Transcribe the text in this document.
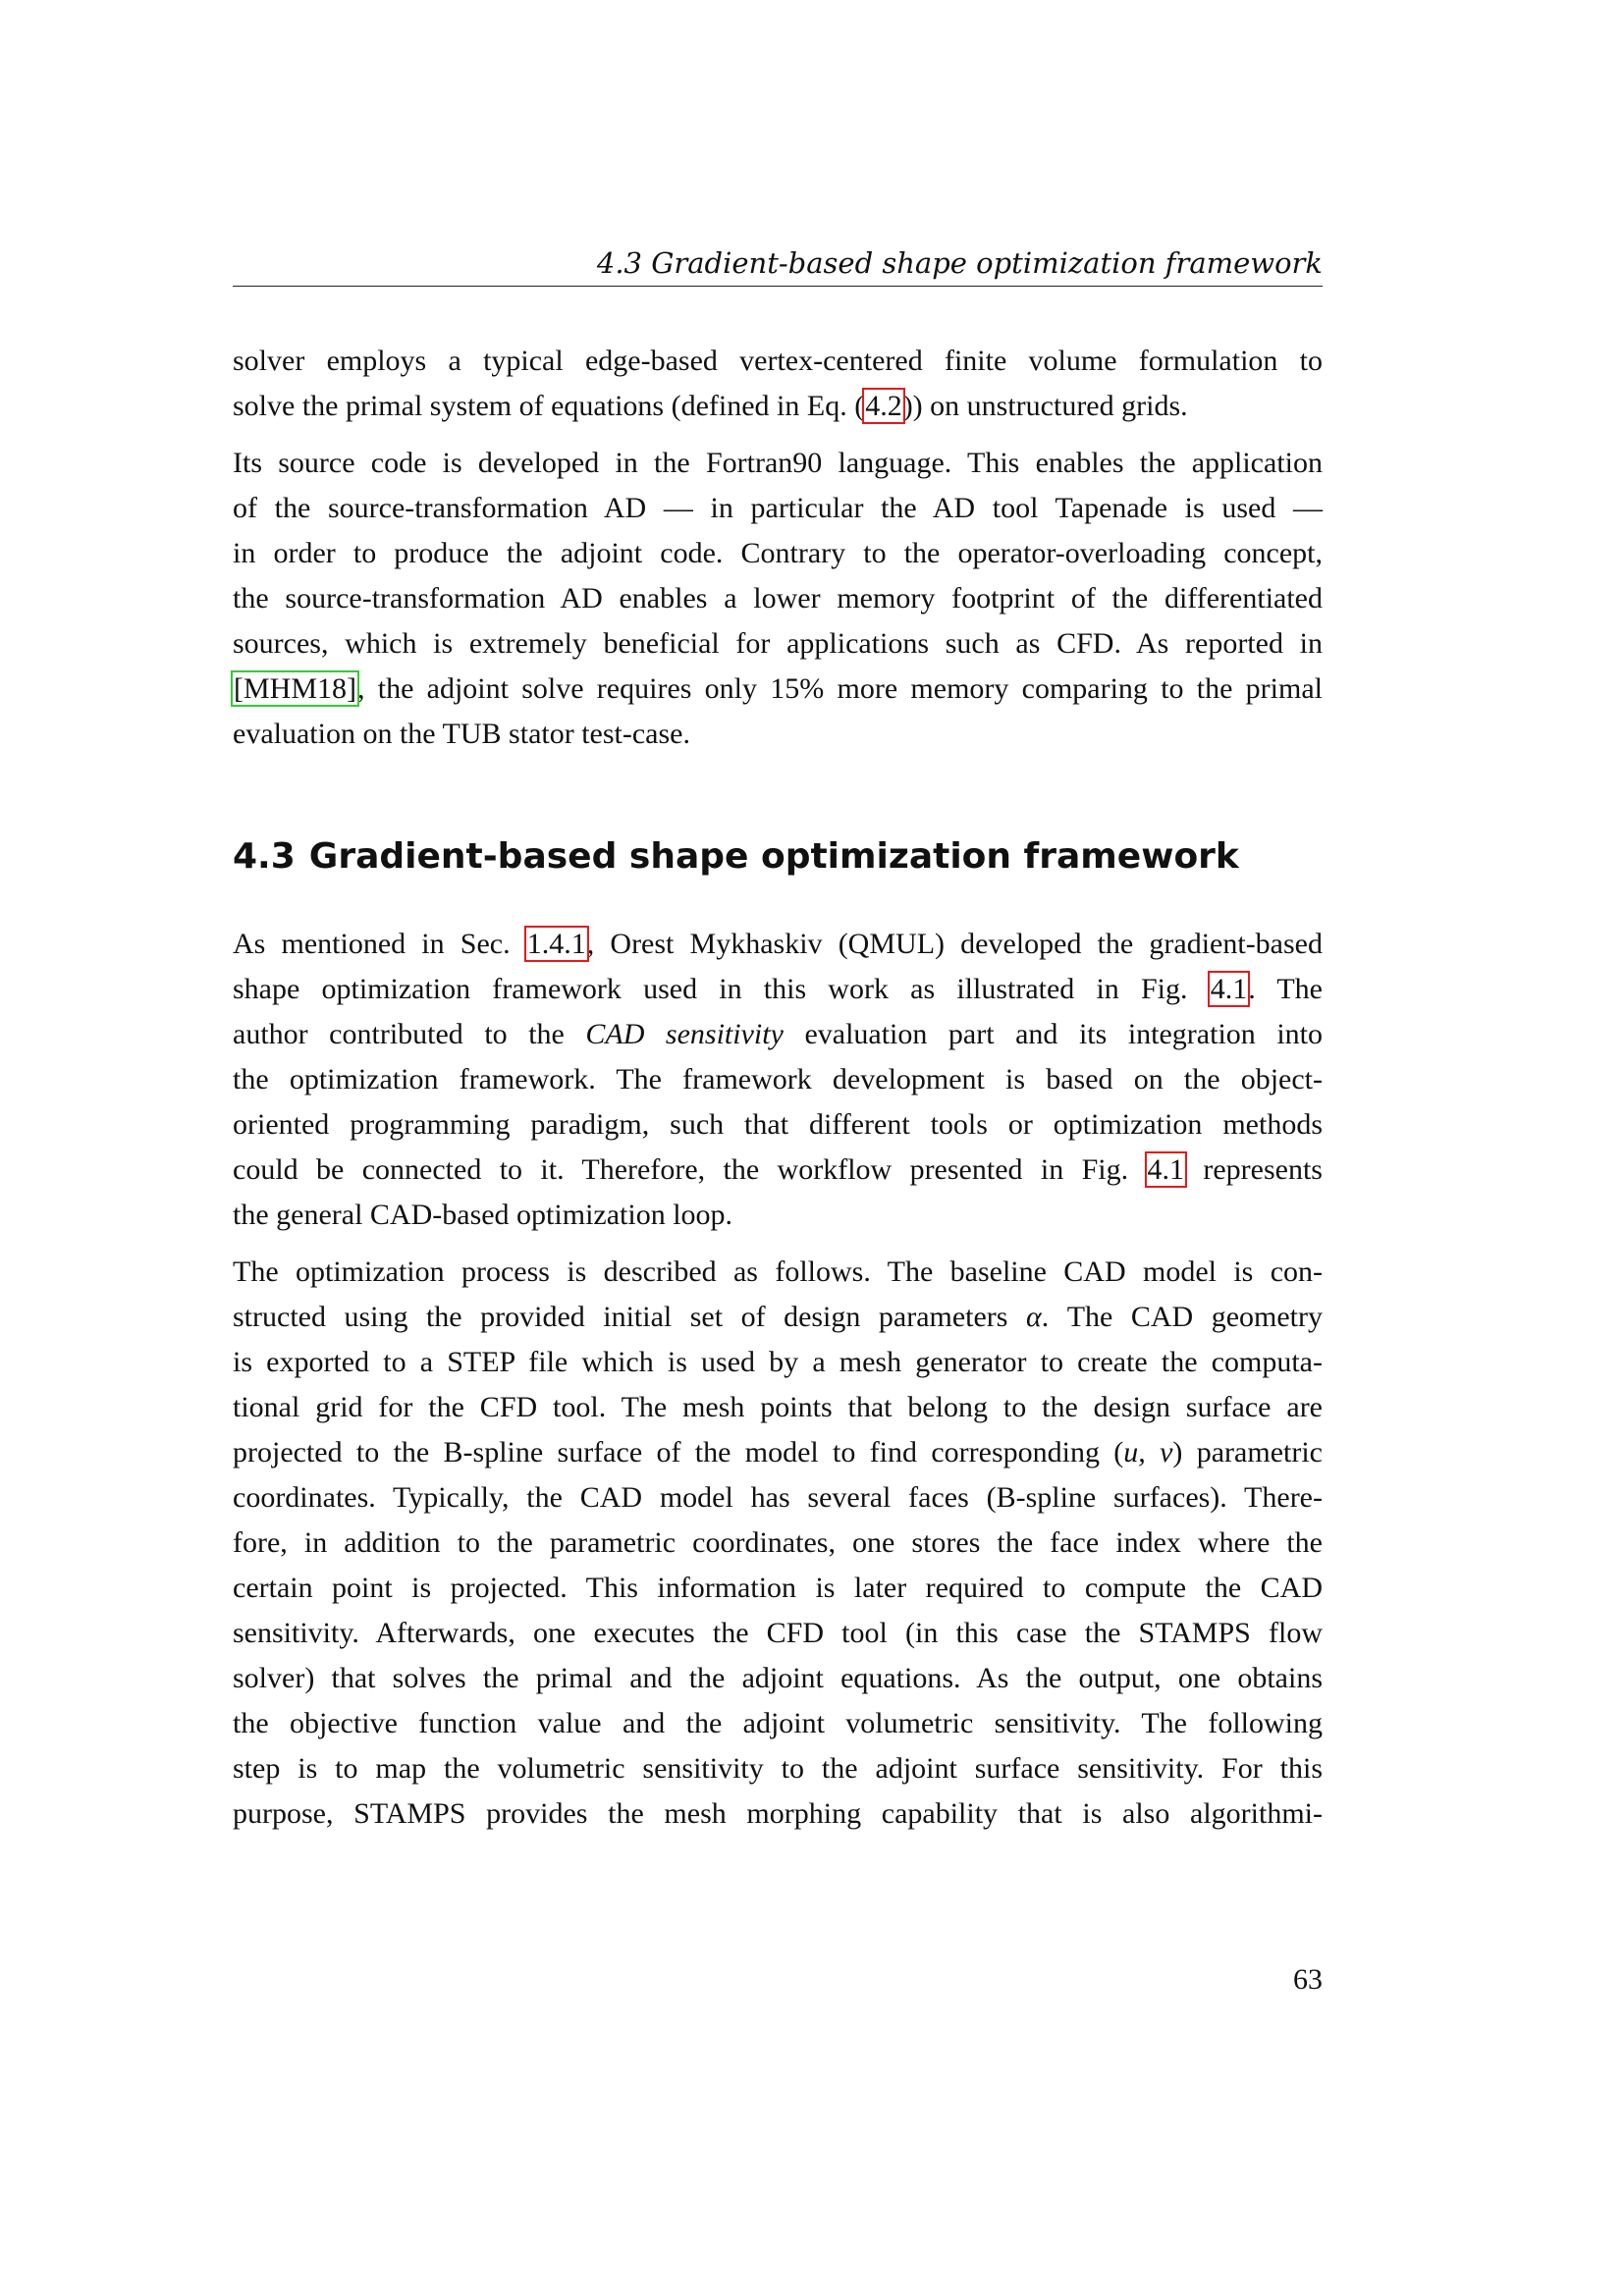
4.3 Gradient-based shape optimization framework

solver employs a typical edge-based vertex-centered finite volume formulation to
solve the primal system of equations (defined in Eq. (4.2)) on unstructured grids.

Its source code is developed in the Fortran90 language. This enables the application
of the source-transformation AD — in particular the AD tool Tapenade is used —
in order to produce the adjoint code. Contrary to the operator-overloading concept,
the source-transformation AD enables a lower memory footprint of the differentiated
sources, which is extremely beneficial for applications such as CFD. As reported in
[MHM18], the adjoint solve requires only 15% more memory comparing to the primal
evaluation on the TUB stator test-case.

4.3 Gradient-based shape optimization framework

As mentioned in Sec. 1.4.1, Orest Mykhaskiv (QMUL) developed the gradient-based
shape optimization framework used in this work as illustrated in Fig. 4.1. The
author contributed to the CAD sensitivity evaluation part and its integration into
the optimization framework. The framework development is based on the object-
oriented programming paradigm, such that different tools or optimization methods
could be connected to it. Therefore, the workflow presented in Fig. 4.1 represents
the general CAD-based optimization loop.

The optimization process is described as follows. The baseline CAD model is con-
structed using the provided initial set of design parameters α. The CAD geometry
is exported to a STEP file which is used by a mesh generator to create the computa-
tional grid for the CFD tool. The mesh points that belong to the design surface are
projected to the B-spline surface of the model to find corresponding (u, v) parametric
coordinates. Typically, the CAD model has several faces (B-spline surfaces). There-
fore, in addition to the parametric coordinates, one stores the face index where the
certain point is projected. This information is later required to compute the CAD
sensitivity. Afterwards, one executes the CFD tool (in this case the STAMPS flow
solver) that solves the primal and the adjoint equations. As the output, one obtains
the objective function value and the adjoint volumetric sensitivity. The following
step is to map the volumetric sensitivity to the adjoint surface sensitivity. For this
purpose, STAMPS provides the mesh morphing capability that is also algorithmi-

63
